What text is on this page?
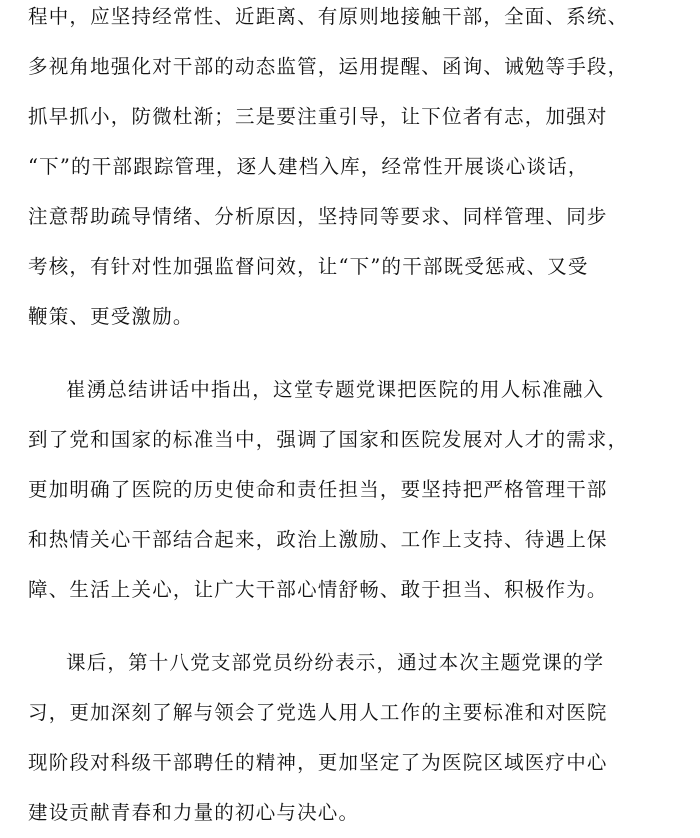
程中，应坚持经常性、近距离、有原则地接触干部，全面、系统、
多视角地强化对干部的动态监管，运用提醒、函询、诫勉等手段，
抓早抓小，防微杜渐；三是要注重引导，让下位者有志，加强对
“下”的干部跟踪管理，逐人建档入库，经常性开展谈心谈话，
注意帮助疏导情绪、分析原因，坚持同等要求、同样管理、同步
考核，有针对性加强监督问效，让“下”的干部既受惩戒、又受
鞭策、更受激励。
崔湧总结讲话中指出，这堂专题党课把医院的用人标准融入
到了党和国家的标准当中，强调了国家和医院发展对人才的需求，
更加明确了医院的历史使命和责任担当，要坚持把严格管理干部
和热情关心干部结合起来，政治上激励、工作上支持、待遇上保
障、生活上关心，让广大干部心情舒畅、敢于担当、积极作为。
课后，第十八党支部党员纷纷表示，通过本次主题党课的学
习，更加深刻了解与领会了党选人用人工作的主要标准和对医院
现阶段对科级干部聘任的精神，更加坚定了为医院区域医疗中心
建设贡献青春和力量的初心与决心。
